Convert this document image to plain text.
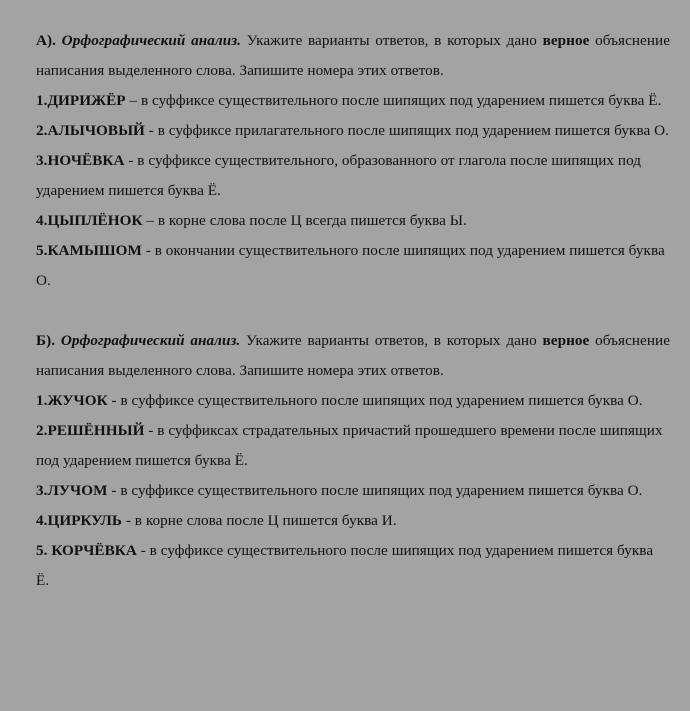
А). Орфографический анализ. Укажите варианты ответов, в которых дано верное объяснение написания выделенного слова. Запишите номера этих ответов.

1.ДИРИЖЁР – в суффиксе существительного после шипящих под ударением пишется буква Ё.

2.АЛЫЧОВЫЙ - в суффиксе прилагательного после шипящих под ударением пишется буква О.

3.НОЧЁВКА - в суффиксе существительного, образованного от глагола после шипящих под ударением пишется буква Ё.

4.ЦЫПЛЁНОК – в корне слова после Ц всегда пишется буква Ы.

5.КАМЫШОМ - в окончании существительного после шипящих под ударением пишется буква О.

Б). Орфографический анализ. Укажите варианты ответов, в которых дано верное объяснение написания выделенного слова. Запишите номера этих ответов.

1.ЖУЧОК - в суффиксе существительного после шипящих под ударением пишется буква О.

2.РЕШЁННЫЙ - в суффиксах страдательных причастий прошедшего времени после шипящих под ударением пишется буква Ё.

3.ЛУЧОМ - в суффиксе существительного после шипящих под ударением пишется буква О.

4.ЦИРКУЛЬ - в корне слова после Ц пишется буква И.

5. КОРЧЁВКА - в суффиксе существительного после шипящих под ударением пишется буква Ё.
